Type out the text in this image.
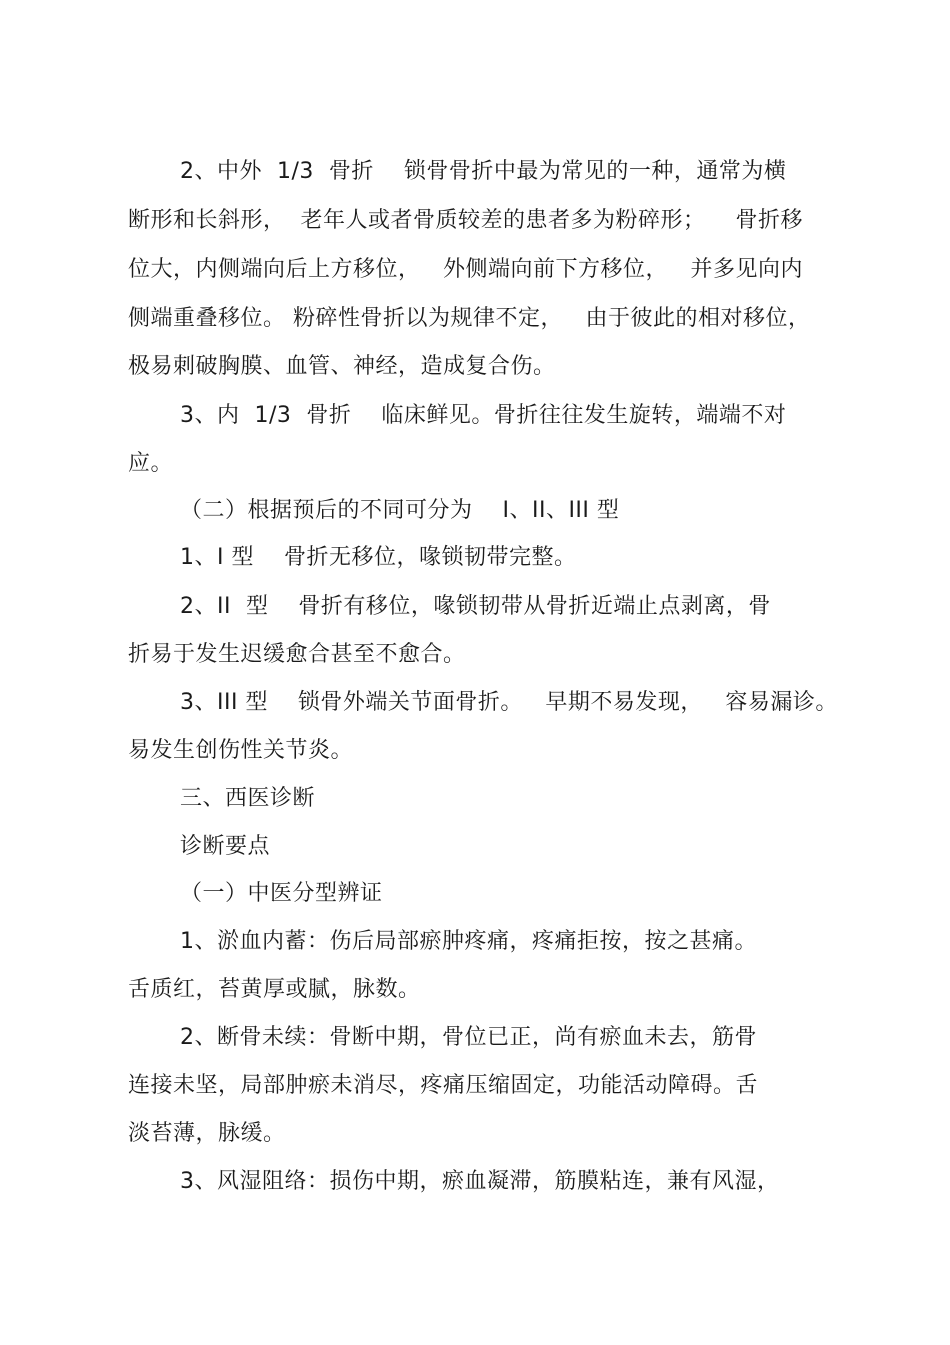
2、中外  1/3  骨折    锁骨骨折中最为常见的一种，通常为横
断形和长斜形，  老年人或者骨质较差的患者多为粉碎形；    骨折移
位大，内侧端向后上方移位，   外侧端向前下方移位，   并多见向内
侧端重叠移位。 粉碎性骨折以为规律不定，   由于彼此的相对移位，
极易刺破胸膜、血管、神经，造成复合伤。
3、内  1/3  骨折    临床鲜见。骨折往往发生旋转，端端不对
应。
（二）根据预后的不同可分为    I、II、III 型
1、I 型    骨折无移位，喙锁韧带完整。
2、II  型    骨折有移位，喙锁韧带从骨折近端止点剥离，骨
折易于发生迟缓愈合甚至不愈合。
3、III 型    锁骨外端关节面骨折。   早期不易发现，   容易漏诊。
易发生创伤性关节炎。
三、西医诊断
诊断要点
（一）中医分型辨证
1、淤血内蓄：伤后局部瘀肿疼痛，疼痛拒按，按之甚痛。
舌质红，苔黄厚或腻，脉数。
2、断骨未续：骨断中期，骨位已正，尚有瘀血未去，筋骨
连接未坚，局部肿瘀未消尽，疼痛压缩固定，功能活动障碍。舌
淡苔薄，脉缓。
3、风湿阻络：损伤中期，瘀血凝滞，筋膜粘连，兼有风湿，
